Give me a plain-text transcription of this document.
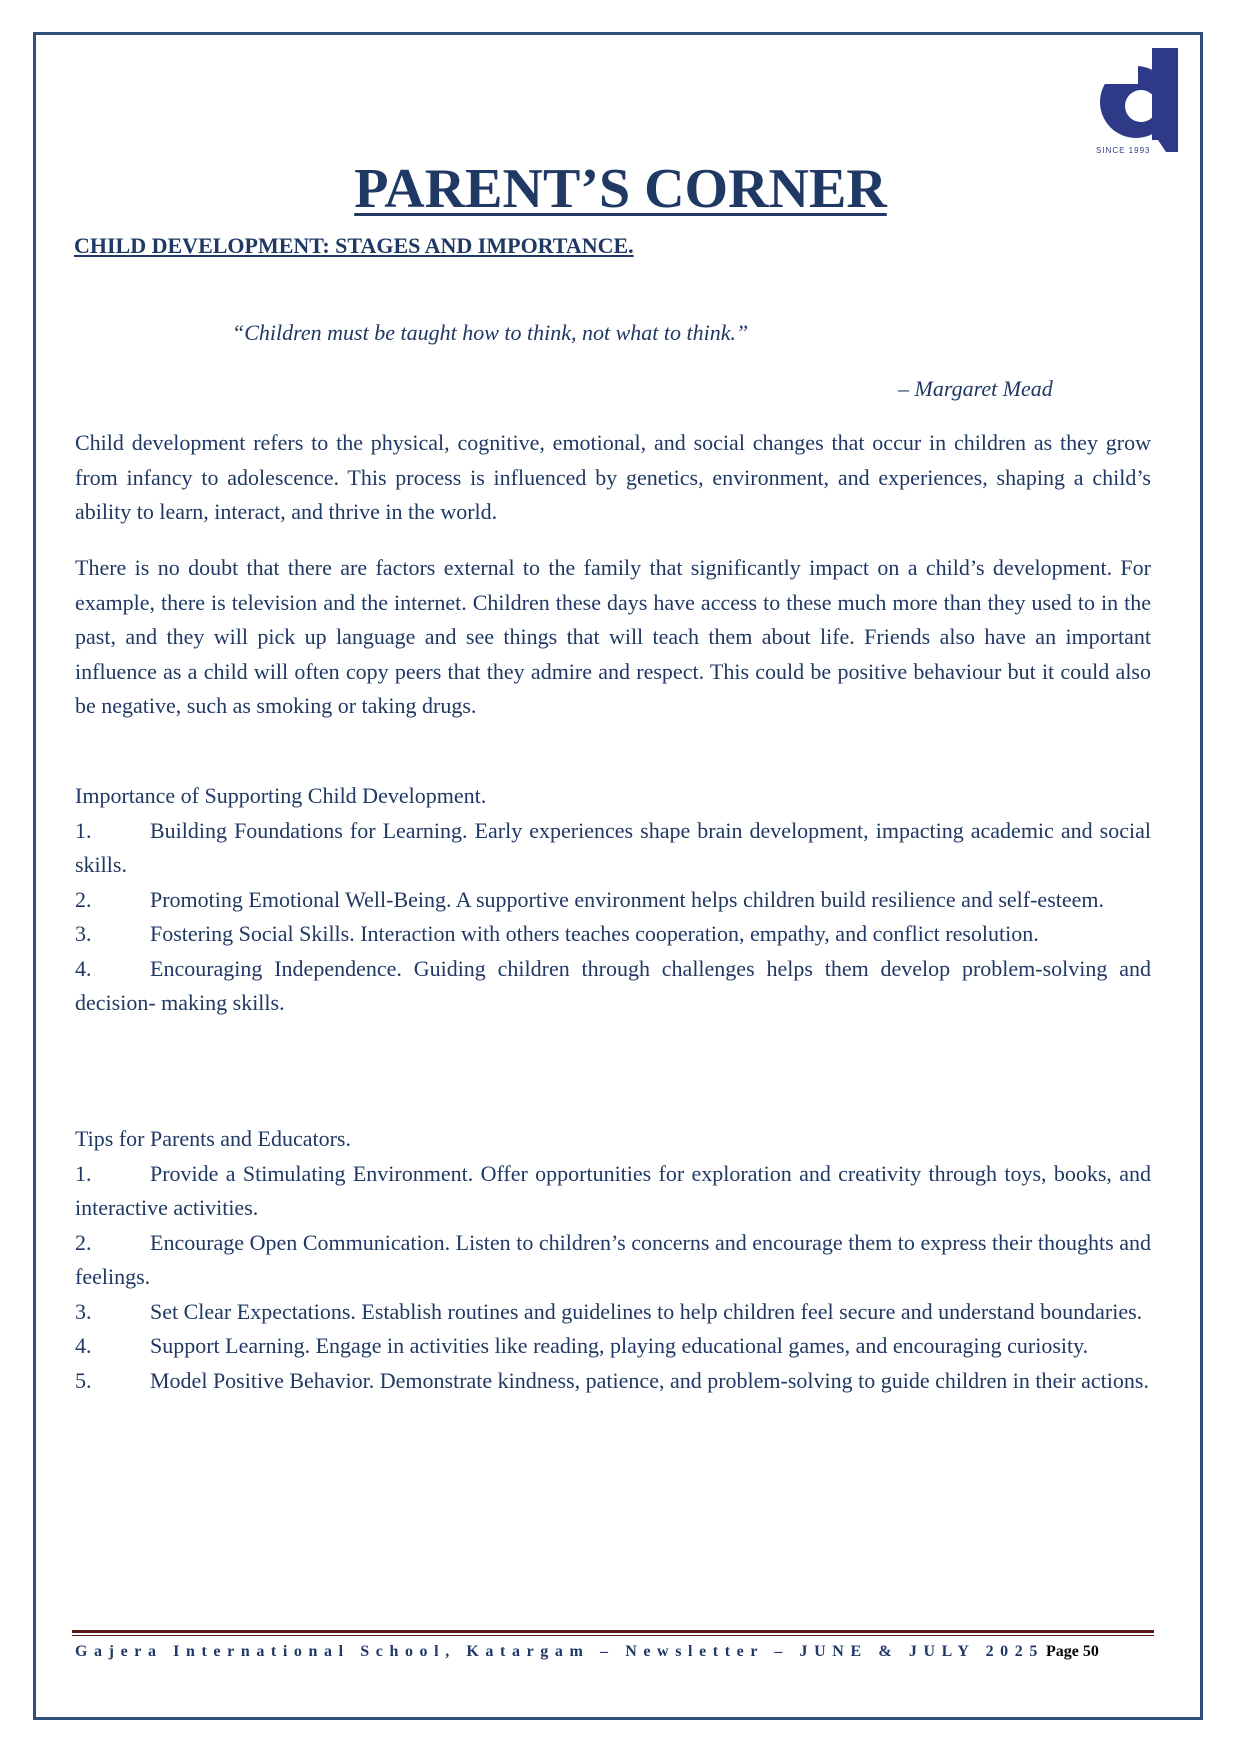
SINCE 1993
PARENT’S CORNER
CHILD DEVELOPMENT: STAGES AND IMPORTANCE.

“Children must be taught how to think, not what to think.”

– Margaret Mead

Child development refers to the physical, cognitive, emotional, and social changes that occur in children as they grow from infancy to adolescence. This process is influenced by genetics, environment, and experiences, shaping a child’s ability to learn, interact, and thrive in the world.

There is no doubt that there are factors external to the family that significantly impact on a child’s development. For example, there is television and the internet. Children these days have access to these much more than they used to in the past, and they will pick up language and see things that will teach them about life. Friends also have an important influence as a child will often copy peers that they admire and respect. This could be positive behaviour but it could also be negative, such as smoking or taking drugs.

Importance of Supporting Child Development.

1.	Building Foundations for Learning. Early experiences shape brain development, impacting academic and social skills.

2.	Promoting Emotional Well-Being. A supportive environment helps children build resilience and self-esteem.

3.	Fostering Social Skills. Interaction with others teaches cooperation, empathy, and conflict resolution.

4.	Encouraging Independence. Guiding children through challenges helps them develop problem-solving and decision- making skills.

Tips for Parents and Educators.

1.	Provide a Stimulating Environment. Offer opportunities for exploration and creativity through toys, books, and interactive activities.

2.	Encourage Open Communication. Listen to children’s concerns and encourage them to express their thoughts and feelings.

3.	Set Clear Expectations. Establish routines and guidelines to help children feel secure and understand boundaries.

4.	Support Learning. Engage in activities like reading, playing educational games, and encouraging curiosity.

5.	Model Positive Behavior. Demonstrate kindness, patience, and problem-solving to guide children in their actions.

Gajera International School, Katargam – Newsletter – JUNE & JULY 2025 Page 50
